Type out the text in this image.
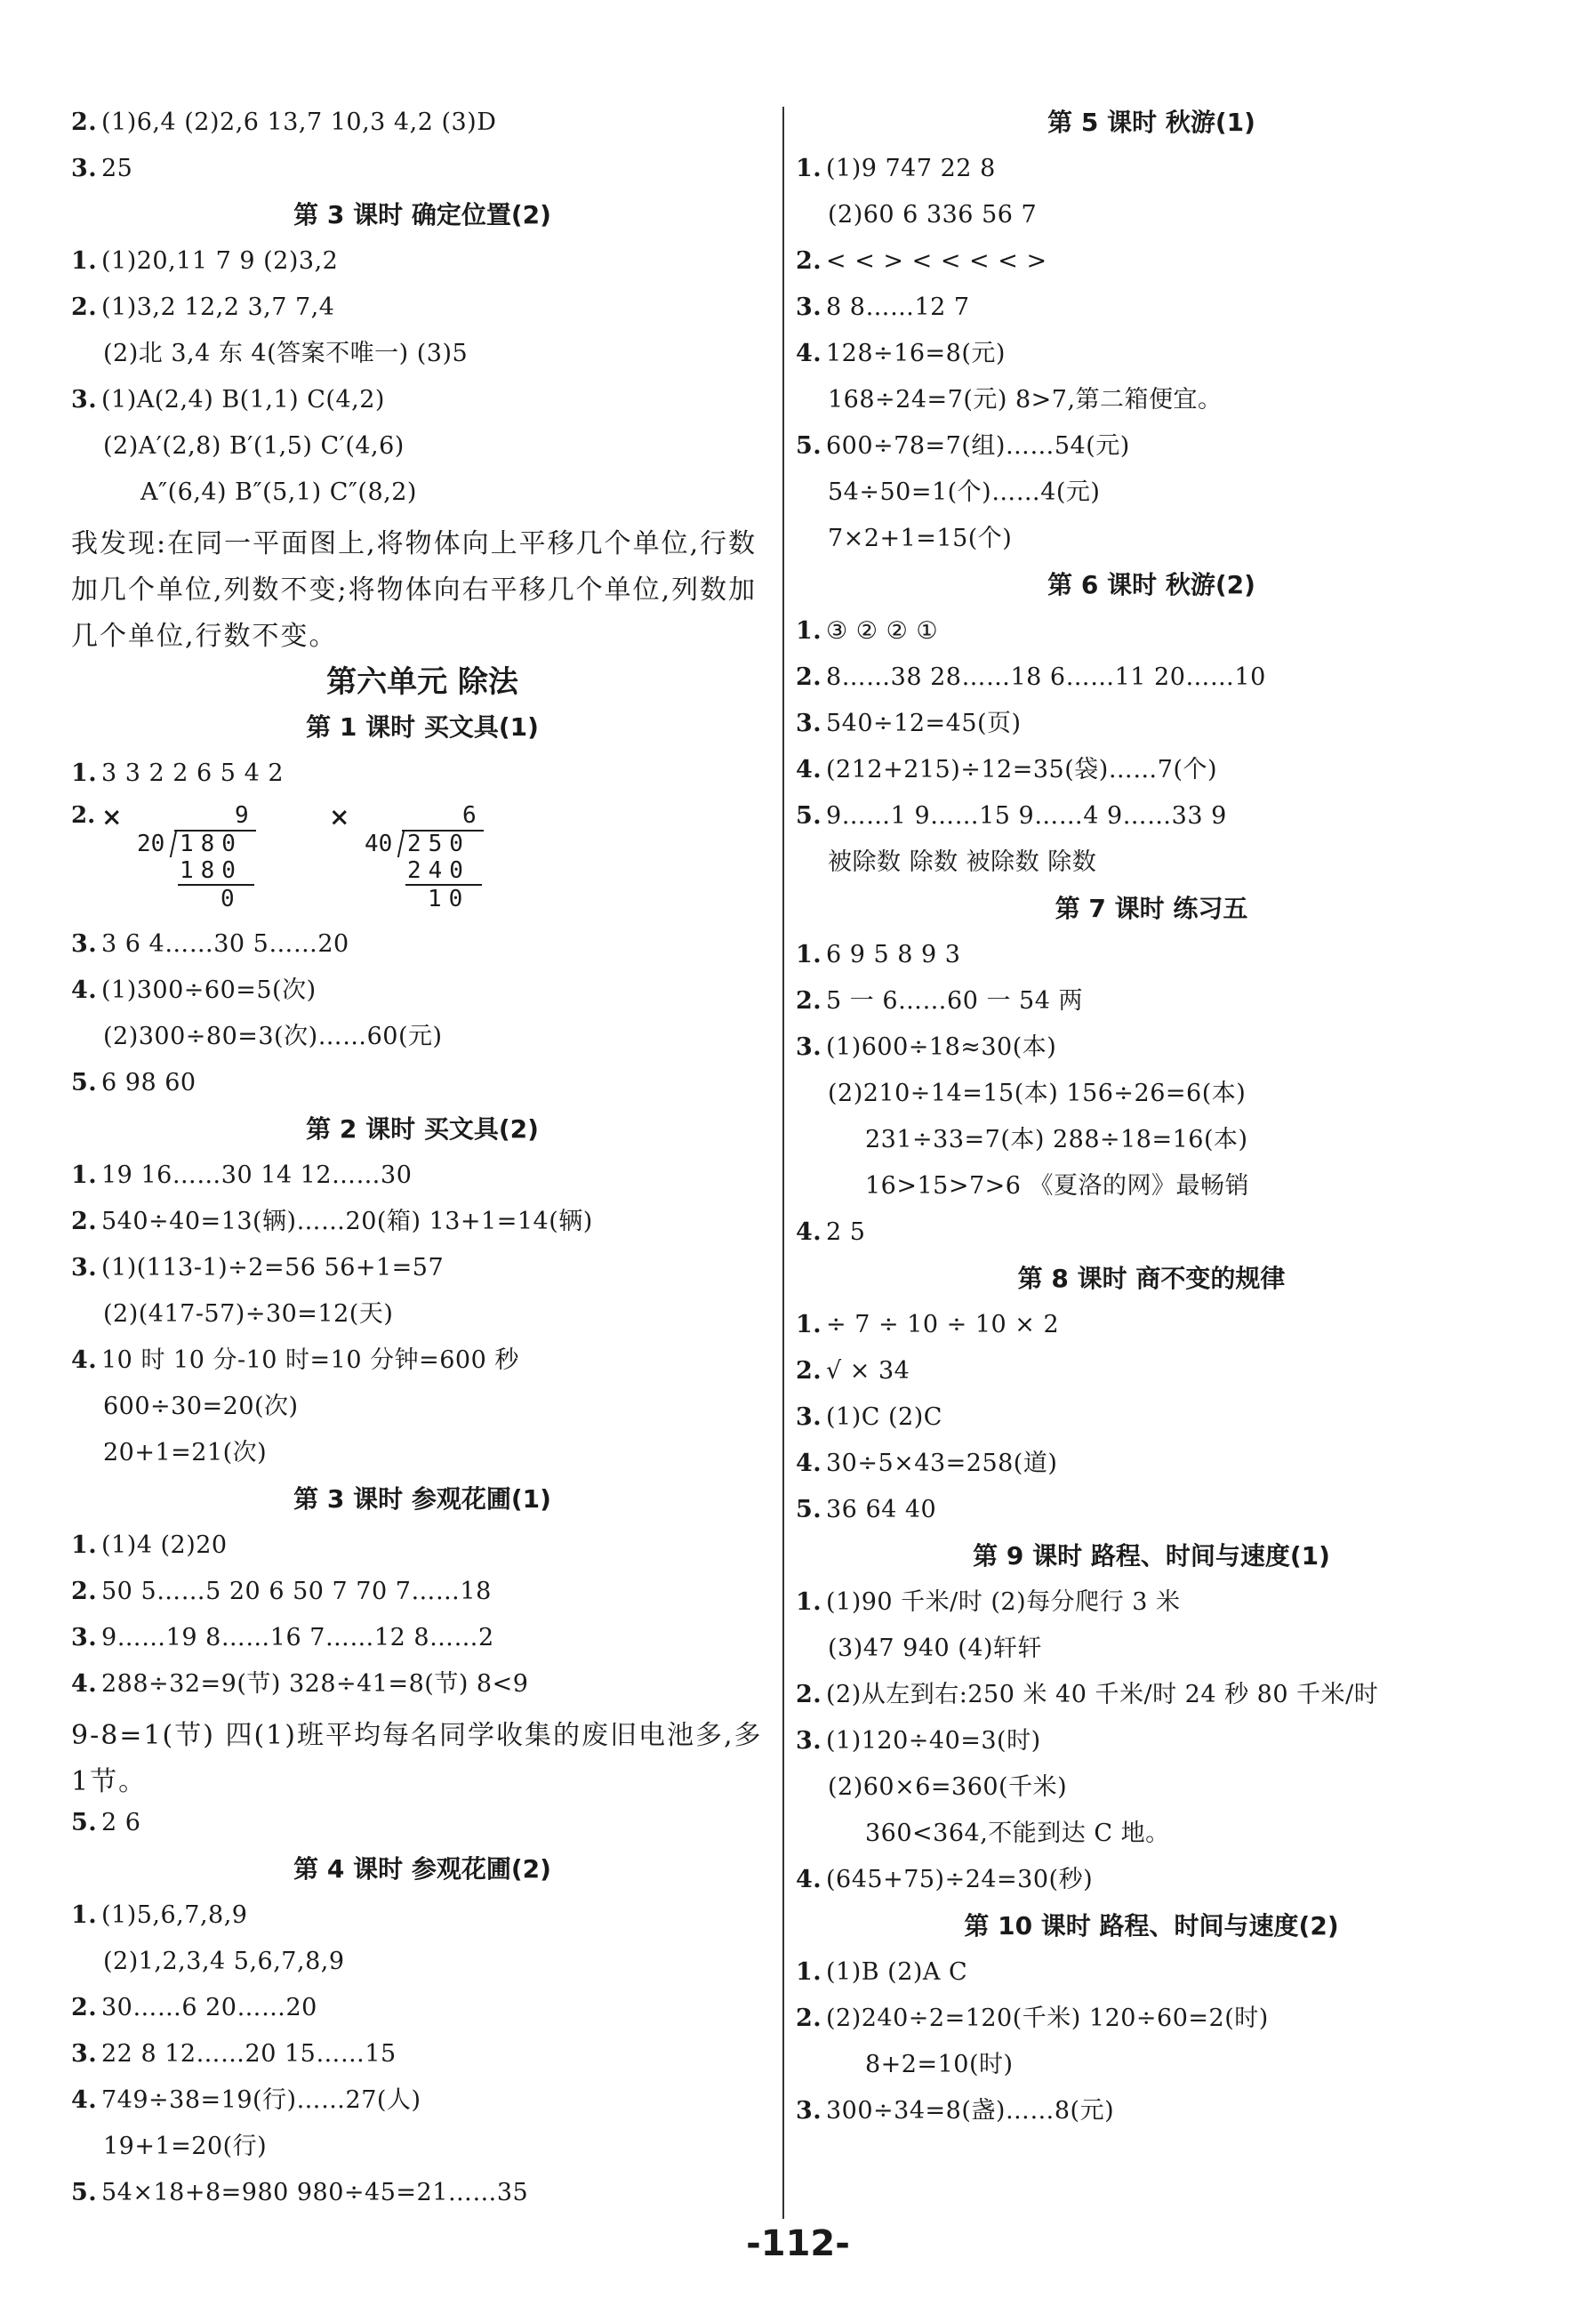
2. (1)6,4 (2)2,6 13,7 10,3 4,2 (3)D
3. 25
第 3 课时 确定位置(2)
1. (1)20,11 7 9 (2)3,2
2. (1)3,2 12,2 3,7 7,4
(2)北 3,4 东 4(答案不唯一) (3)5
3. (1)A(2,4) B(1,1) C(4,2)
(2)A′(2,8) B′(1,5) C′(4,6)
A″(6,4) B″(5,1) C″(8,2)
我发现:在同一平面图上,将物体向上平移几个单位,行数加几个单位,列数不变;将物体向右平移几个单位,列数加几个单位,行数不变。
第六单元 除法
第 1 课时 买文具(1)
1. 3 3 2 2 6 5 4 2
2. ×	9
20 180
180
0
×	6
40 250
240
10
3. 3 6 4……30 5……20
4. (1)300÷60=5(次)
(2)300÷80=3(次)……60(元)
5. 6 98 60
第 2 课时 买文具(2)
1. 19 16……30 14 12……30
2. 540÷40=13(辆)……20(箱) 13+1=14(辆)
3. (1)(113-1)÷2=56 56+1=57
(2)(417-57)÷30=12(天)
4. 10 时 10 分-10 时=10 分钟=600 秒
600÷30=20(次)
20+1=21(次)
第 3 课时 参观花圃(1)
1. (1)4 (2)20
2. 50 5……5 20 6 50 7 70 7……18
3. 9……19 8……16 7……12 8……2
4. 288÷32=9(节) 328÷41=8(节) 8<9
9-8=1(节) 四(1)班平均每名同学收集的废旧电池多,多1节。
5. 2 6
第 4 课时 参观花圃(2)
1. (1)5,6,7,8,9
(2)1,2,3,4 5,6,7,8,9
2. 30……6 20……20
3. 22 8 12……20 15……15
4. 749÷38=19(行)……27(人)
19+1=20(行)
5. 54×18+8=980 980÷45=21……35
第 5 课时 秋游(1)
1. (1)9 747 22 8
(2)60 6 336 56 7
2. < < > < < < < >
3. 8 8……12 7
4. 128÷16=8(元)
168÷24=7(元) 8>7,第二箱便宜。
5. 600÷78=7(组)……54(元)
54÷50=1(个)……4(元)
7×2+1=15(个)
第 6 课时 秋游(2)
1. ③ ② ② ①
2. 8……38 28……18 6……11 20……10
3. 540÷12=45(页)
4. (212+215)÷12=35(袋)……7(个)
5. 9……1 9……15 9……4 9……33 9
被除数 除数 被除数 除数
第 7 课时 练习五
1. 6 9 5 8 9 3
2. 5 一 6……60 一 54 两
3. (1)600÷18≈30(本)
(2)210÷14=15(本) 156÷26=6(本)
231÷33=7(本) 288÷18=16(本)
16>15>7>6 《夏洛的网》最畅销
4. 2 5
第 8 课时 商不变的规律
1. ÷ 7 ÷ 10 ÷ 10 × 2
2. √ × 34
3. (1)C (2)C
4. 30÷5×43=258(道)
5. 36 64 40
第 9 课时 路程、时间与速度(1)
1. (1)90 千米/时 (2)每分爬行 3 米
(3)47 940 (4)轩轩
2. (2)从左到右:250 米 40 千米/时 24 秒 80 千米/时
3. (1)120÷40=3(时)
(2)60×6=360(千米)
360<364,不能到达 C 地。
4. (645+75)÷24=30(秒)
第 10 课时 路程、时间与速度(2)
1. (1)B (2)A C
2. (2)240÷2=120(千米) 120÷60=2(时)
8+2=10(时)
3. 300÷34=8(盏)……8(元)
-112-
